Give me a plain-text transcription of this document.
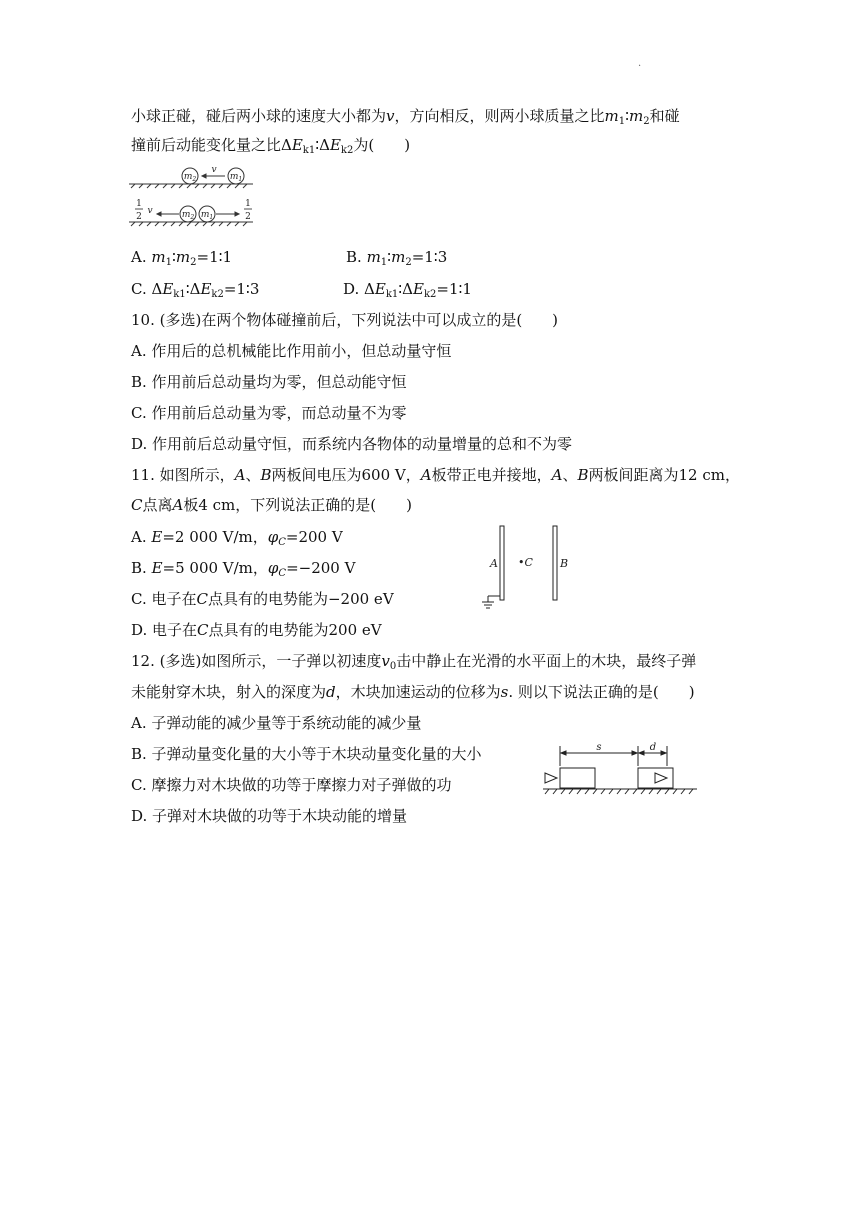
.
小球正碰，碰后两小球的速度大小都为v，方向相反，则两小球质量之比$m_1∶m_2$和碰
撞前后动能变化量之比$\Delta E_{k1}∶\Delta E_{k2}$为(　　)
$m_2$
v
$m_1$
$m_2$ $m_1$
1
2
v
1
2
A. $m_1∶m_2=1∶1$	B. $m_1∶m_2=1∶3$
C. $\Delta E_{k1}∶\Delta E_{k2}=1∶3$	D. $\Delta E_{k1}∶\Delta E_{k2}=1∶1$
10. (多选)在两个物体碰撞前后，下列说法中可以成立的是(　　)
A. 作用后的总机械能比作用前小，但总动量守恒
B. 作用前后总动量均为零，但总动能守恒
C. 作用前后总动量为零，而总动量不为零
D. 作用前后总动量守恒，而系统内各物体的动量增量的总和不为零
11. 如图所示，A、B两板间电压为600 V，A板带正电并接地，A、B两板间距离为12 cm，
C点离A板4 cm，下列说法正确的是(　　)
A. E=2 000 V/m，$\varphi_C=200$ V
B. E=5 000 V/m，$\varphi_C=-200$ V
C. 电子在C点具有的电势能为−200 eV
D. 电子在C点具有的电势能为200 eV
A •C B
12. (多选)如图所示，一子弹以初速度$v_0$击中静止在光滑的水平面上的木块，最终子弹
未能射穿木块，射入的深度为d，木块加速运动的位移为s. 则以下说法正确的是(　　)
A. 子弹动能的减少量等于系统动能的减少量
B. 子弹动量变化量的大小等于木块动量变化量的大小
C. 摩擦力对木块做的功等于摩擦力对子弹做的功
D. 子弹对木块做的功等于木块动能的增量
s	d
